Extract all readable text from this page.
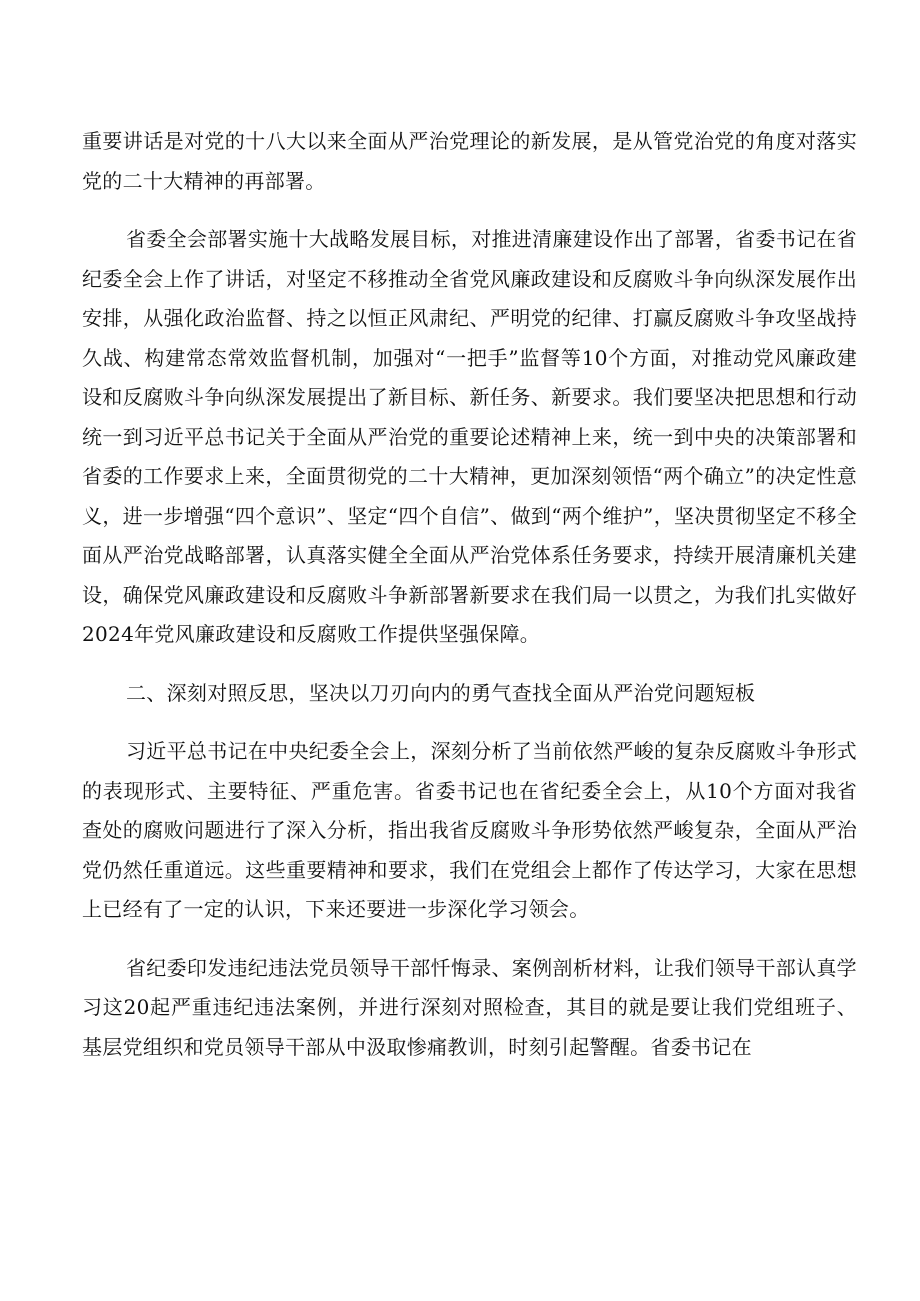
重要讲话是对党的十八大以来全面从严治党理论的新发展，是从管党治党的角度对落实党的二十大精神的再部署。

省委全会部署实施十大战略发展目标，对推进清廉建设作出了部署，省委书记在省纪委全会上作了讲话，对坚定不移推动全省党风廉政建设和反腐败斗争向纵深发展作出安排，从强化政治监督、持之以恒正风肃纪、严明党的纪律、打赢反腐败斗争攻坚战持久战、构建常态常效监督机制，加强对“一把手”监督等10个方面，对推动党风廉政建设和反腐败斗争向纵深发展提出了新目标、新任务、新要求。我们要坚决把思想和行动统一到习近平总书记关于全面从严治党的重要论述精神上来，统一到中央的决策部署和省委的工作要求上来，全面贯彻党的二十大精神，更加深刻领悟“两个确立”的决定性意义，进一步增强“四个意识”、坚定“四个自信”、做到“两个维护”，坚决贯彻坚定不移全面从严治党战略部署，认真落实健全全面从严治党体系任务要求，持续开展清廉机关建设，确保党风廉政建设和反腐败斗争新部署新要求在我们局一以贯之，为我们扎实做好2024年党风廉政建设和反腐败工作提供坚强保障。

二、深刻对照反思，坚决以刀刃向内的勇气查找全面从严治党问题短板

习近平总书记在中央纪委全会上，深刻分析了当前依然严峻的复杂反腐败斗争形式的表现形式、主要特征、严重危害。省委书记也在省纪委全会上，从10个方面对我省查处的腐败问题进行了深入分析，指出我省反腐败斗争形势依然严峻复杂，全面从严治党仍然任重道远。这些重要精神和要求，我们在党组会上都作了传达学习，大家在思想上已经有了一定的认识，下来还要进一步深化学习领会。

省纪委印发违纪违法党员领导干部忏悔录、案例剖析材料，让我们领导干部认真学习这20起严重违纪违法案例，并进行深刻对照检查，其目的就是要让我们党组班子、基层党组织和党员领导干部从中汲取惨痛教训，时刻引起警醒。省委书记在
